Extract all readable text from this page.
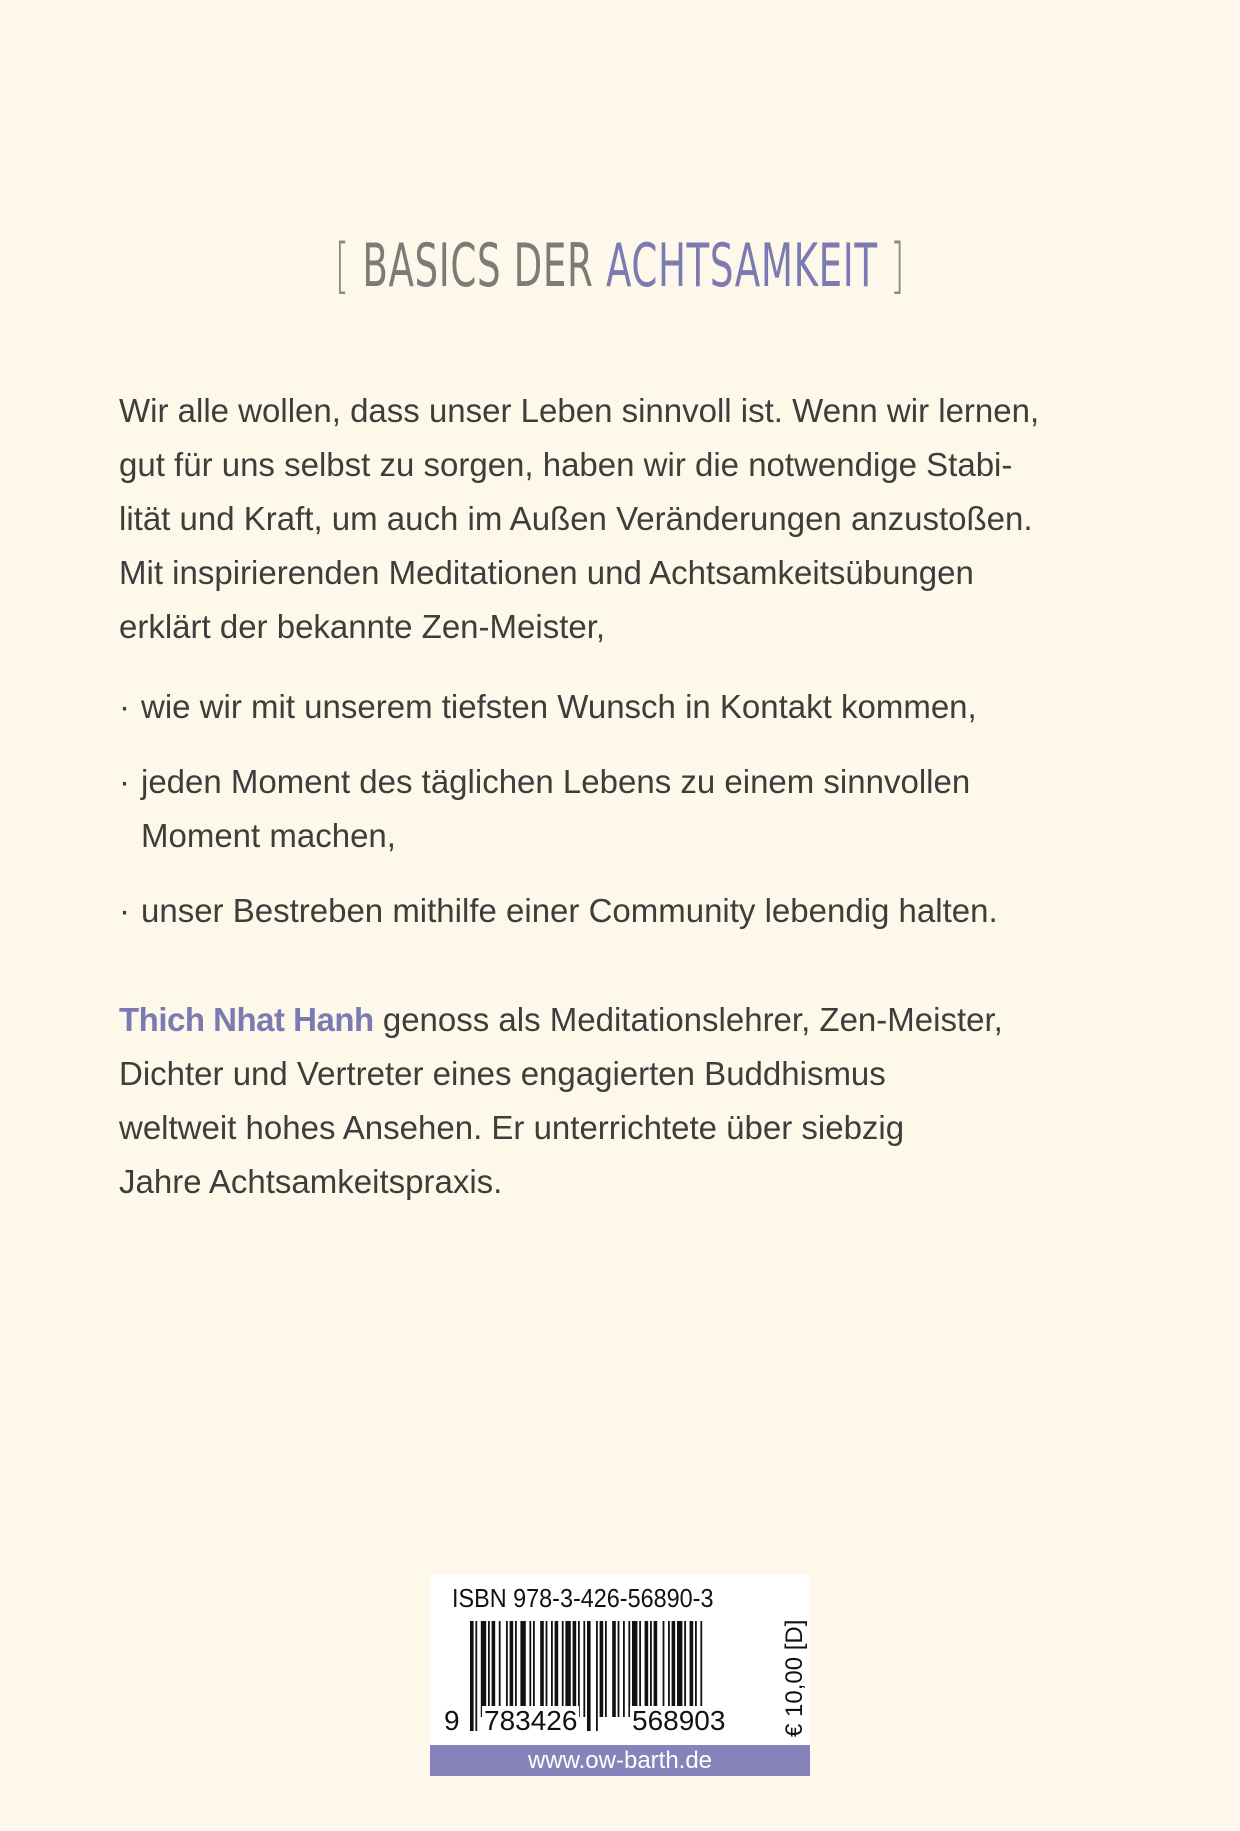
[ BASICS DER ACHTSAMKEIT ]
Wir alle wollen, dass unser Leben sinnvoll ist. Wenn wir lernen,
gut für uns selbst zu sorgen, haben wir die notwendige Stabi-
lität und Kraft, um auch im Außen Veränderungen anzustoßen.
Mit inspirierenden Meditationen und Achtsamkeitsübungen
erklärt der bekannte Zen-Meister,
· wie wir mit unserem tiefsten Wunsch in Kontakt kommen,
· jeden Moment des täglichen Lebens zu einem sinnvollen
Moment machen,
· unser Bestreben mithilfe einer Community lebendig halten.
Thich Nhat Hanh genoss als Meditationslehrer, Zen-Meister,
Dichter und Vertreter eines engagierten Buddhismus
weltweit hohes Ansehen. Er unterrichtete über siebzig
Jahre Achtsamkeitspraxis.
ISBN 978-3-426-56890-3
9 783426 568903 € 10,00 [D]
www.ow-barth.de
